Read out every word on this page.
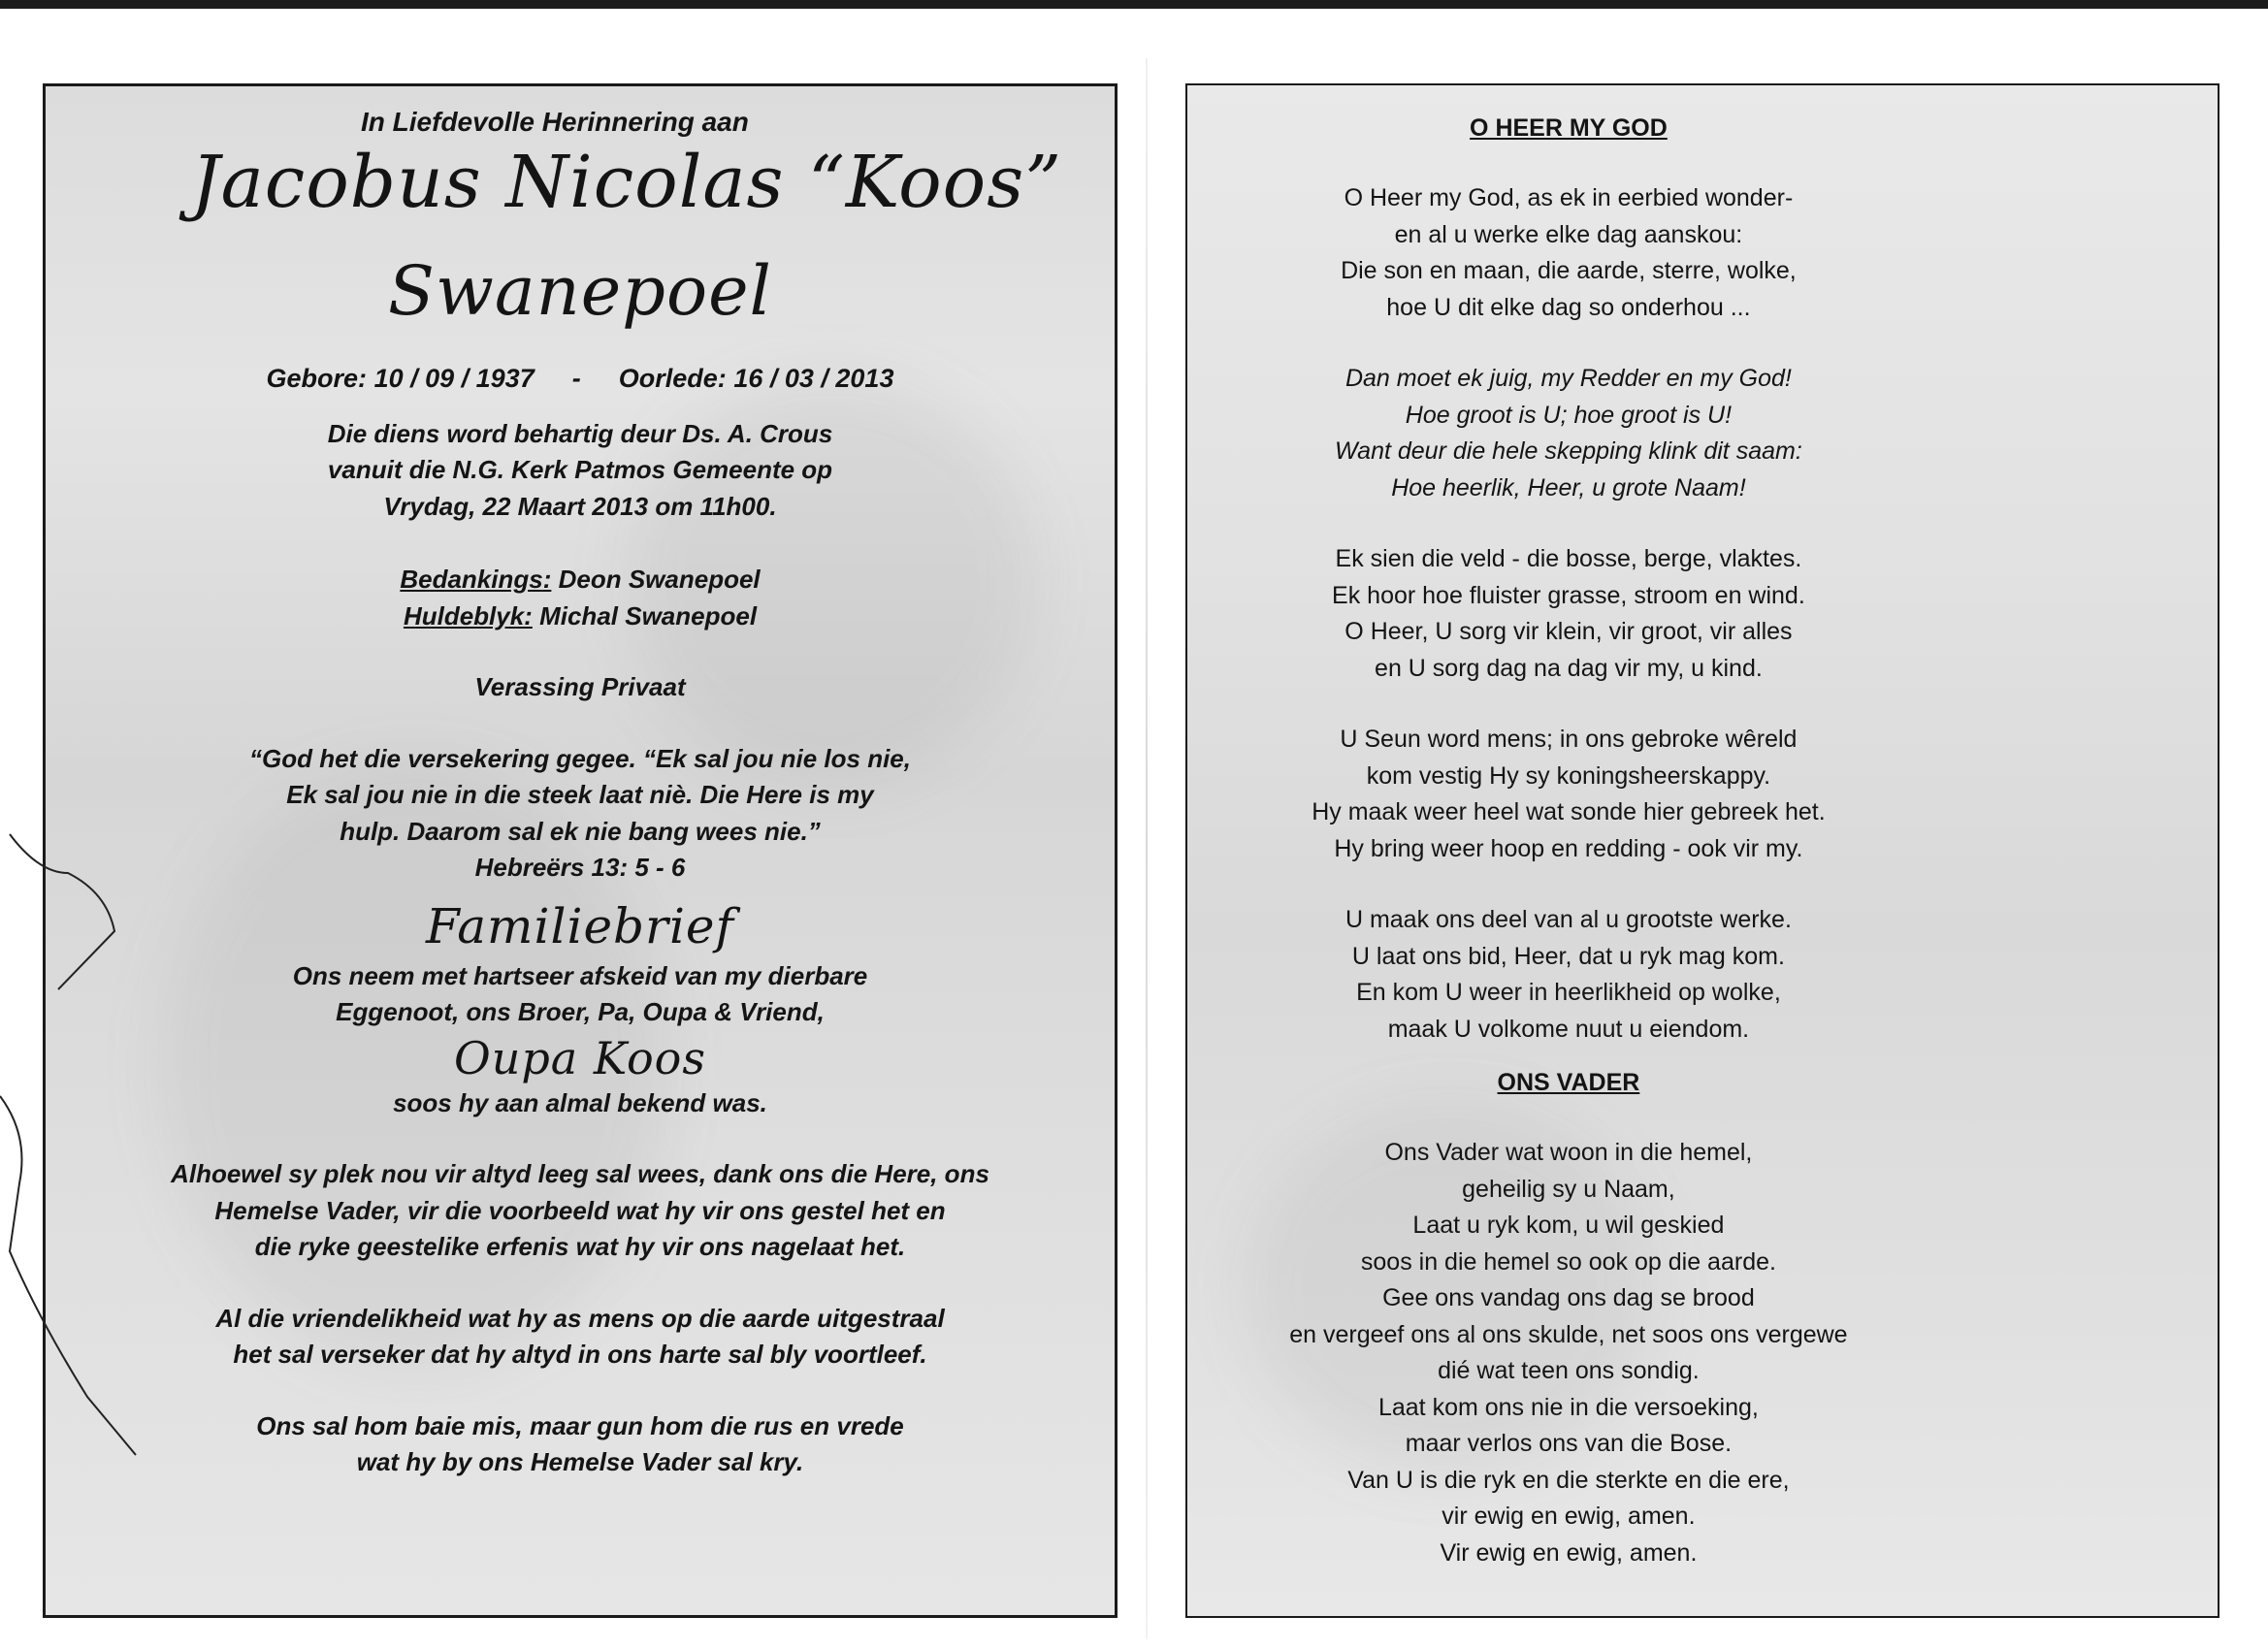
In Liefdevolle Herinnering aan
Jacobus Nicolas “Koos”
Swanepoel
Gebore: 10 / 09 / 1937 - Oorlede: 16 / 03 / 2013
Die diens word behartig deur Ds. A. Crous
vanuit die N.G. Kerk Patmos Gemeente op
Vrydag, 22 Maart 2013 om 11h00.
Bedankings: Deon Swanepoel
Huldeblyk: Michal Swanepoel
Verassing Privaat
“God het die versekering gegee. “Ek sal jou nie los nie,
Ek sal jou nie in die steek laat niè. Die Here is my
hulp. Daarom sal ek nie bang wees nie.”
Hebreërs 13: 5 - 6
Familiebrief
Ons neem met hartseer afskeid van my dierbare
Eggenoot, ons Broer, Pa, Oupa & Vriend,
Oupa Koos
soos hy aan almal bekend was.
Alhoewel sy plek nou vir altyd leeg sal wees, dank ons die Here, ons
Hemelse Vader, vir die voorbeeld wat hy vir ons gestel het en
die ryke geestelike erfenis wat hy vir ons nagelaat het.
Al die vriendelikheid wat hy as mens op die aarde uitgestraal
het sal verseker dat hy altyd in ons harte sal bly voortleef.
Ons sal hom baie mis, maar gun hom die rus en vrede
wat hy by ons Hemelse Vader sal kry.
O HEER MY GOD
O Heer my God, as ek in eerbied wonder-
en al u werke elke dag aanskou:
Die son en maan, die aarde, sterre, wolke,
hoe U dit elke dag so onderhou ...
Dan moet ek juig, my Redder en my God!
Hoe groot is U; hoe groot is U!
Want deur die hele skepping klink dit saam:
Hoe heerlik, Heer, u grote Naam!
Ek sien die veld - die bosse, berge, vlaktes.
Ek hoor hoe fluister grasse, stroom en wind.
O Heer, U sorg vir klein, vir groot, vir alles
en U sorg dag na dag vir my, u kind.
U Seun word mens; in ons gebroke wêreld
kom vestig Hy sy koningsheerskappy.
Hy maak weer heel wat sonde hier gebreek het.
Hy bring weer hoop en redding - ook vir my.
U maak ons deel van al u grootste werke.
U laat ons bid, Heer, dat u ryk mag kom.
En kom U weer in heerlikheid op wolke,
maak U volkome nuut u eiendom.
ONS VADER
Ons Vader wat woon in die hemel,
geheilig sy u Naam,
Laat u ryk kom, u wil geskied
soos in die hemel so ook op die aarde.
Gee ons vandag ons dag se brood
en vergeef ons al ons skulde, net soos ons vergewe
dié wat teen ons sondig.
Laat kom ons nie in die versoeking,
maar verlos ons van die Bose.
Van U is die ryk en die sterkte en die ere,
vir ewig en ewig, amen.
Vir ewig en ewig, amen.
